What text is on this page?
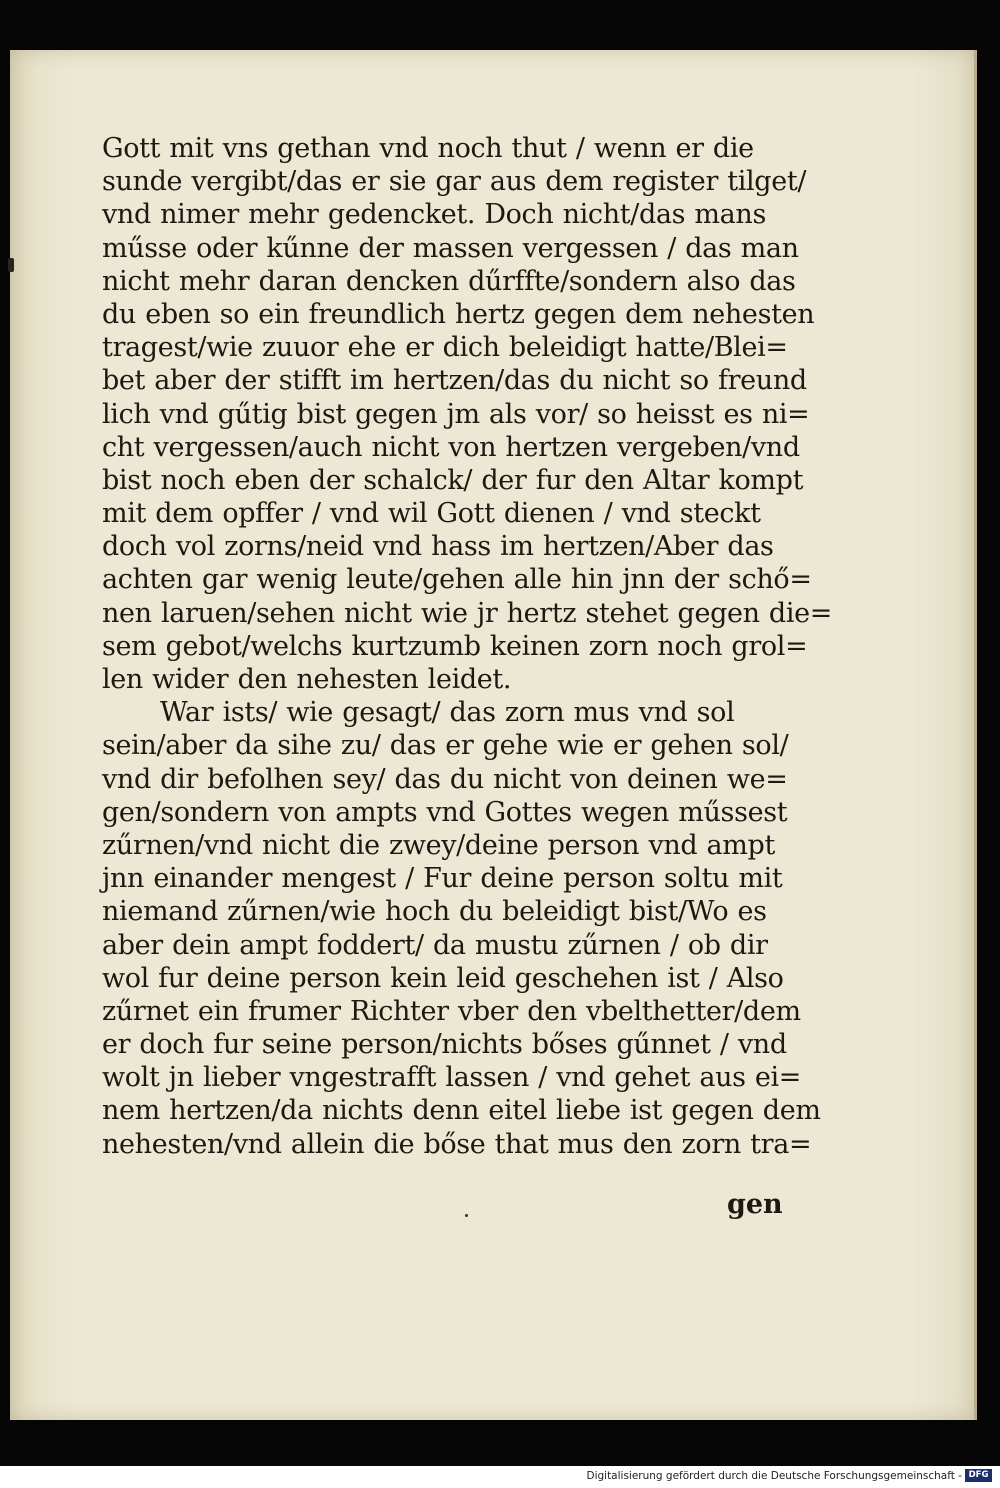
Gott mit vns gethan vnd noch thut / wenn er die
sunde vergibt/das er sie gar aus dem register tilget/
vnd nimer mehr gedencket. Doch nicht/das mans
műsse oder kűnne der massen vergessen / das man
nicht mehr daran dencken dűrffte/sondern also das
du eben so ein freundlich hertz gegen dem nehesten
tragest/wie zuuor ehe er dich beleidigt hatte/Blei=
bet aber der stifft im hertzen/das du nicht so freund
lich vnd gűtig bist gegen jm als vor/ so heisst es ni=
cht vergessen/auch nicht von hertzen vergeben/vnd
bist noch eben der schalck/ der fur den Altar kompt
mit dem opffer / vnd wil Gott dienen / vnd steckt
doch vol zorns/neid vnd hass im hertzen/Aber das
achten gar wenig leute/gehen alle hin jnn der schő=
nen laruen/sehen nicht wie jr hertz stehet gegen die=
sem gebot/welchs kurtzumb keinen zorn noch grol=
len wider den nehesten leidet.
War ists/ wie gesagt/ das zorn mus vnd sol
sein/aber da sihe zu/ das er gehe wie er gehen sol/
vnd dir befolhen sey/ das du nicht von deinen we=
gen/sondern von ampts vnd Gottes wegen műssest
zűrnen/vnd nicht die zwey/deine person vnd ampt
jnn einander mengest / Fur deine person soltu mit
niemand zűrnen/wie hoch du beleidigt bist/Wo es
aber dein ampt foddert/ da mustu zűrnen / ob dir
wol fur deine person kein leid geschehen ist / Also
zűrnet ein frumer Richter vber den vbelthetter/dem
er doch fur seine person/nichts bőses gűnnet / vnd
wolt jn lieber vngestrafft lassen / vnd gehet aus ei=
nem hertzen/da nichts denn eitel liebe ist gegen dem
nehesten/vnd allein die bőse that mus den zorn tra=
gen
Digitalisierung gefördert durch die Deutsche Forschungsgemeinschaft - DFG
